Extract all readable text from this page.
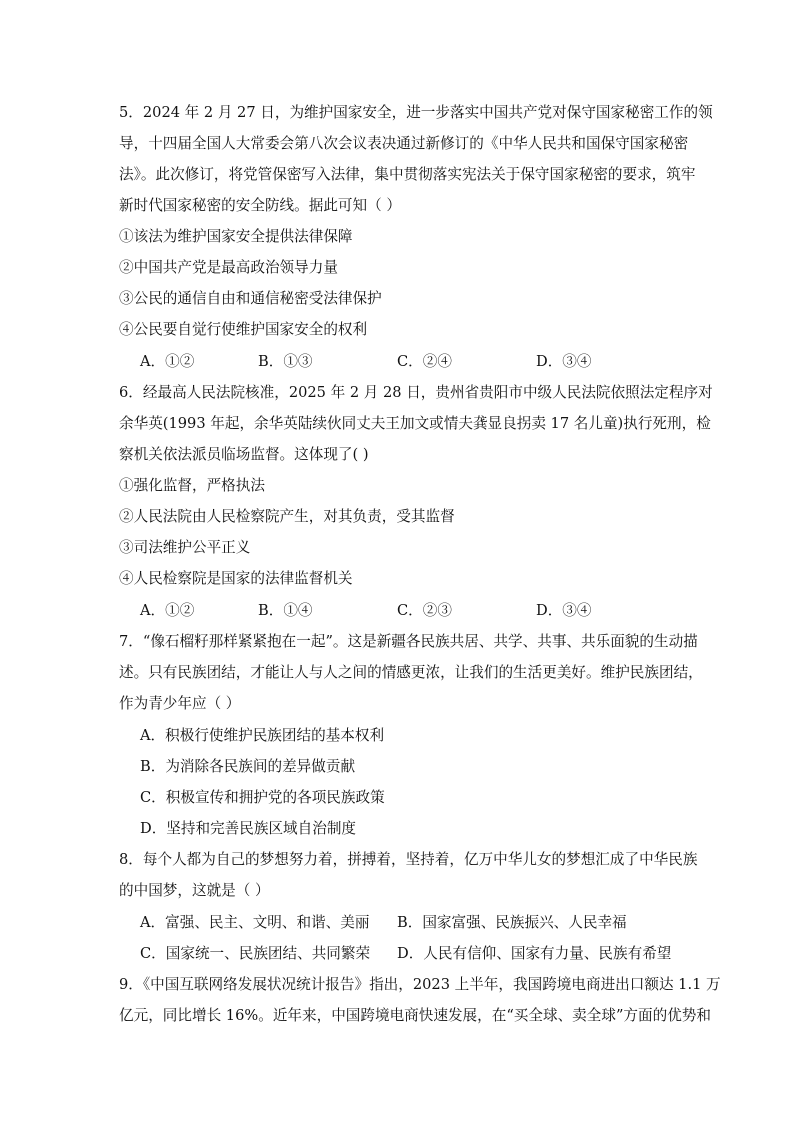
5．2024 年 2 月 27 日，为维护国家安全，进一步落实中国共产党对保守国家秘密工作的领
导，十四届全国人大常委会第八次会议表决通过新修订的《中华人民共和国保守国家秘密
法》。此次修订，将党管保密写入法律，集中贯彻落实宪法关于保守国家秘密的要求，筑牢
新时代国家秘密的安全防线。据此可知（ ）
①该法为维护国家安全提供法律保障
②中国共产党是最高政治领导力量
③公民的通信自由和通信秘密受法律保护
④公民要自觉行使维护国家安全的权利
A．①②	B．①③	C．②④	D．③④
6．经最高人民法院核准，2025 年 2 月 28 日，贵州省贵阳市中级人民法院依照法定程序对
余华英(1993 年起，余华英陆续伙同丈夫王加文或情夫龚显良拐卖 17 名儿童)执行死刑，检
察机关依法派员临场监督。这体现了( )
①强化监督，严格执法
②人民法院由人民检察院产生，对其负责，受其监督
③司法维护公平正义
④人民检察院是国家的法律监督机关
A．①②	B．①④	C．②③	D．③④
7．“像石榴籽那样紧紧抱在一起”。这是新疆各民族共居、共学、共事、共乐面貌的生动描
述。只有民族团结，才能让人与人之间的情感更浓，让我们的生活更美好。维护民族团结，
作为青少年应（ ）
A．积极行使维护民族团结的基本权利
B．为消除各民族间的差异做贡献
C．积极宣传和拥护党的各项民族政策
D．坚持和完善民族区域自治制度
8．每个人都为自己的梦想努力着，拼搏着，坚持着，亿万中华儿女的梦想汇成了中华民族
的中国梦，这就是（ ）
A．富强、民主、文明、和谐、美丽 B．国家富强、民族振兴、人民幸福
C．国家统一、民族团结、共同繁荣 D．人民有信仰、国家有力量、民族有希望
9．《中国互联网络发展状况统计报告》指出，2023 上半年，我国跨境电商进出口额达 1.1 万
亿元，同比增长 16%。近年来，中国跨境电商快速发展，在“买全球、卖全球”方面的优势和
